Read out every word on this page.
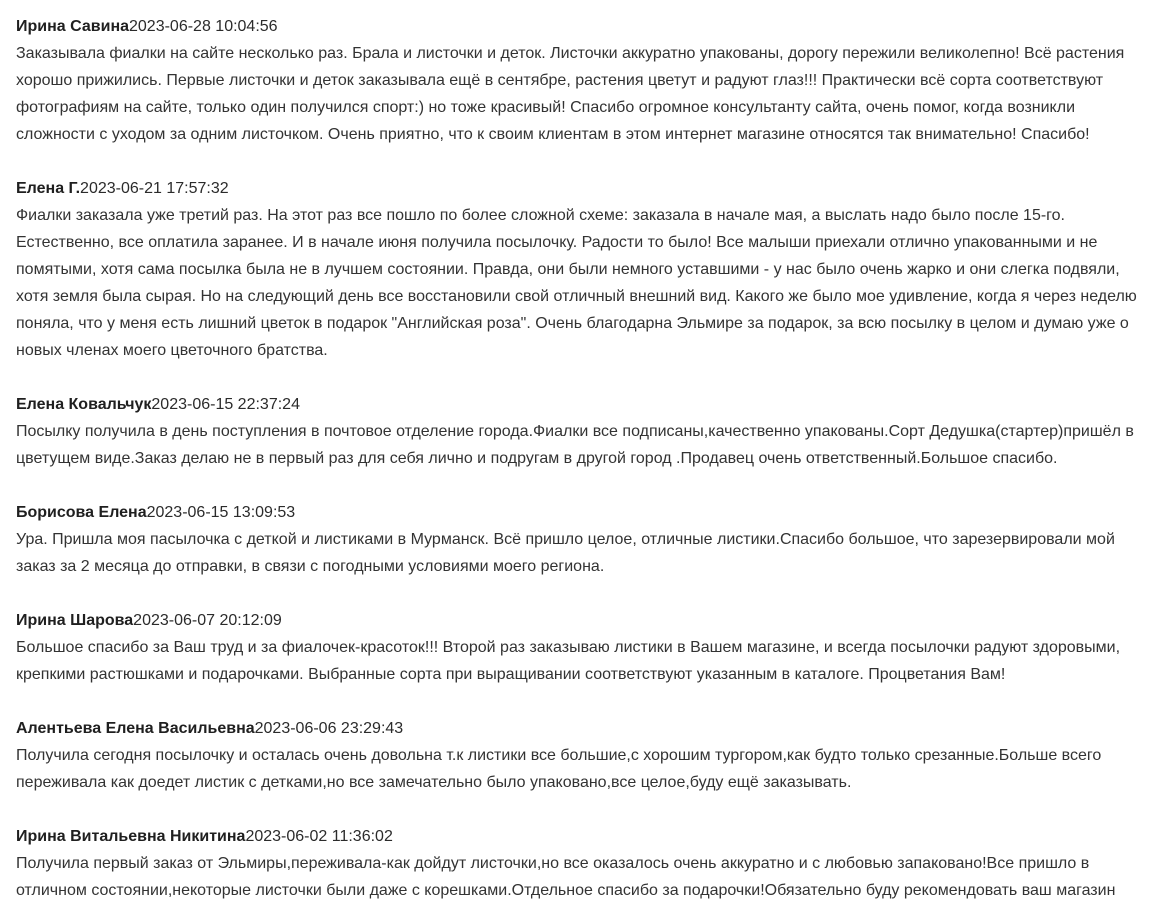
Ирина Савина2023-06-28 10:04:56

Заказывала фиалки на сайте несколько раз. Брала и листочки и деток. Листочки аккуратно упакованы, дорогу пережили великолепно! Всё растения хорошо прижились. Первые листочки и деток заказывала ещё в сентябре, растения цветут и радуют глаз!!! Практически всё сорта соответствуют фотографиям на сайте, только один получился спорт:) но тоже красивый! Спасибо огромное консультанту сайта, очень помог, когда возникли сложности с уходом за одним листочком. Очень приятно, что к своим клиентам в этом интернет магазине относятся так внимательно! Спасибо!

Елена Г.2023-06-21 17:57:32

Фиалки заказала уже третий раз. На этот раз все пошло по более сложной схеме: заказала в начале мая, а выслать надо было после 15-го. Естественно, все оплатила заранее. И в начале июня получила посылочку. Радости то было! Все малыши приехали отлично упакованными и не помятыми, хотя сама посылка была не в лучшем состоянии. Правда, они были немного уставшими - у нас было очень жарко и они слегка подвяли, хотя земля была сырая. Но на следующий день все восстановили свой отличный внешний вид. Какого же было мое удивление, когда я через неделю поняла, что у меня есть лишний цветок в подарок "Английская роза". Очень благодарна Эльмире за подарок, за всю посылку в целом и думаю уже о новых членах моего цветочного братства.

Елена Ковальчук2023-06-15 22:37:24

Посылку получила в день поступления в почтовое отделение города.Фиалки все подписаны,качественно упакованы.Сорт Дедушка(стартер)пришёл в цветущем виде.Заказ делаю не в первый раз для себя лично и подругам в другой город .Продавец очень ответственный.Большое спасибо.

Борисова Елена2023-06-15 13:09:53

Ура. Пришла моя пасылочка с деткой и листиками в Мурманск. Всё пришло целое, отличные листики.Спасибо большое, что зарезервировали мой заказ за 2 месяца до отправки, в связи с погодными условиями моего региона.

Ирина Шарова2023-06-07 20:12:09

Большое спасибо за Ваш труд и за фиалочек-красоток!!! Второй раз заказываю листики в Вашем магазине, и всегда посылочки радуют здоровыми, крепкими растюшками и подарочками. Выбранные сорта при выращивании соответствуют указанным в каталоге. Процветания Вам!

Алентьева Елена Васильевна2023-06-06 23:29:43

Получила сегодня посылочку и осталась очень довольна т.к листики все большие,с хорошим тургором,как будто только срезанные.Больше всего переживала как доедет листик с детками,но все замечательно было упаковано,все целое,буду ещё заказывать.

Ирина Витальевна Никитина2023-06-02 11:36:02

Получила первый заказ от Эльмиры,переживала-как дойдут листочки,но все оказалось очень аккуратно и с любовью запаковано!Все пришло в отличном состоянии,некоторые листочки были даже с корешками.Отдельное спасибо за подарочки!Обязательно буду рекомендовать ваш магазин
